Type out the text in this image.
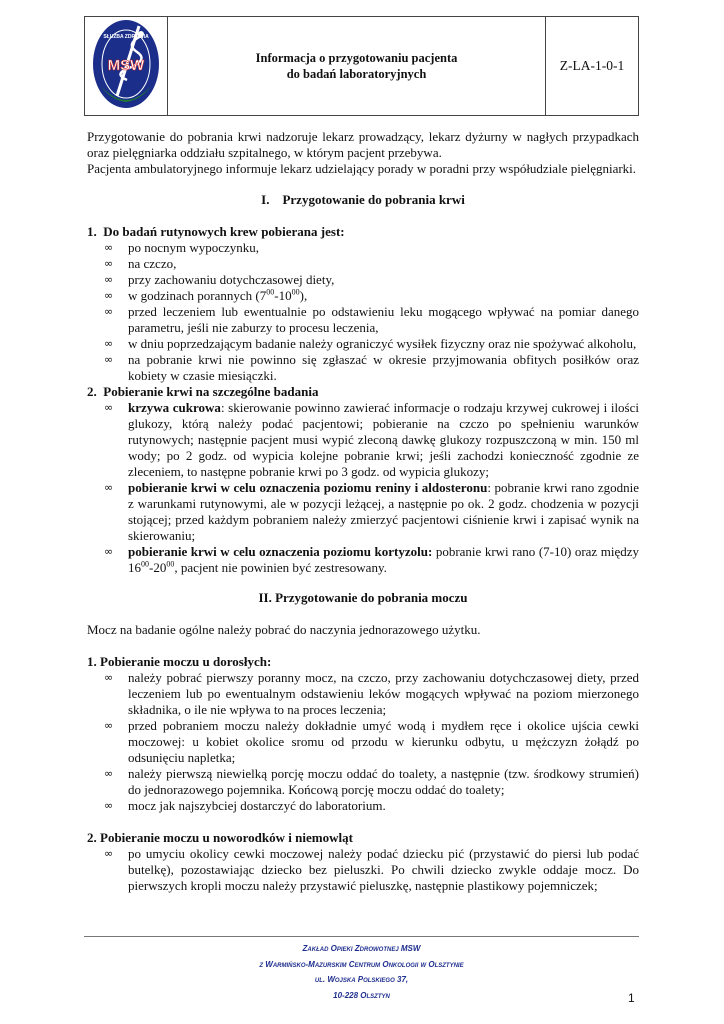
MSW
SŁUŻBA ZDROWIA

Informacja o przygotowaniu pacjenta
do badań laboratoryjnych
	Z-LA-1-0-1

Przygotowanie do pobrania krwi nadzoruje lekarz prowadzący, lekarz dyżurny w nagłych przypadkach oraz pielęgniarka oddziału szpitalnego, w którym pacjent przebywa.

Pacjenta ambulatoryjnego informuje lekarz udzielający porady w poradni przy współudziale pielęgniarki.

I.    Przygotowanie do pobrania krwi

1.  Do badań rutynowych krew pobierana jest:

∞ po nocnym wypoczynku,
∞ na czczo,
∞ przy zachowaniu dotychczasowej diety,
∞ w godzinach porannych $(7^{00}-10^{00})$,
∞ przed leczeniem lub ewentualnie po odstawieniu leku mogącego wpływać na pomiar danego parametru, jeśli nie zaburzy to procesu leczenia,
∞ w dniu poprzedzającym badanie należy ograniczyć wysiłek fizyczny oraz nie spożywać alkoholu,
∞ na pobranie krwi nie powinno się zgłaszać w okresie przyjmowania obfitych posiłków oraz kobiety w czasie miesiączki.

2.  Pobieranie krwi na szczególne badania

∞ krzywa cukrowa: skierowanie powinno zawierać informacje o rodzaju krzywej cukrowej i ilości glukozy, którą należy podać pacjentowi; pobieranie na czczo po spełnieniu warunków rutynowych; następnie pacjent musi wypić zleconą dawkę glukozy rozpuszczoną w min. 150 ml wody; po 2 godz. od wypicia kolejne pobranie krwi; jeśli zachodzi konieczność zgodnie ze zleceniem, to następne pobranie krwi po 3 godz. od wypicia glukozy;
∞ pobieranie krwi w celu oznaczenia poziomu reniny i aldosteronu: pobranie krwi rano zgodnie z warunkami rutynowymi, ale w pozycji leżącej, a następnie po ok. 2 godz. chodzenia w pozycji stojącej; przed każdym pobraniem należy zmierzyć pacjentowi ciśnienie krwi i zapisać wynik na skierowaniu;
∞ pobieranie krwi w celu oznaczenia poziomu kortyzolu: pobranie krwi rano (7-10) oraz między $16^{00}-20^{00}$, pacjent nie powinien być zestresowany.
II. Przygotowanie do pobrania moczu

Mocz na badanie ogólne należy pobrać do naczynia jednorazowego użytku.

1. Pobieranie moczu u dorosłych:

∞ należy pobrać pierwszy poranny mocz, na czczo, przy zachowaniu dotychczasowej diety, przed leczeniem lub po ewentualnym odstawieniu leków mogących wpływać na poziom mierzonego składnika, o ile nie wpływa to na proces leczenia;
∞ przed pobraniem moczu należy dokładnie umyć wodą i mydłem ręce i okolice ujścia cewki moczowej: u kobiet okolice sromu od przodu w kierunku odbytu, u mężczyzn żołądź po odsunięciu napletka;
∞ należy pierwszą niewielką porcję moczu oddać do toalety, a następnie (tzw. środkowy strumień) do jednorazowego pojemnika. Końcową porcję moczu oddać do toalety;
∞ mocz jak najszybciej dostarczyć do laboratorium.

2. Pobieranie moczu u noworodków i niemowląt

∞ po umyciu okolicy cewki moczowej należy podać dziecku pić (przystawić do piersi lub podać butelkę), pozostawiając dziecko bez pieluszki. Po chwili dziecko zwykle oddaje mocz. Do pierwszych kropli moczu należy przystawić pieluszkę, następnie plastikowy pojemniczek;
Zakład Opieki Zdrowotnej MSW
z Warmińsko-Mazurskim Centrum Onkologii w Olsztynie
ul. Wojska Polskiego 37,
10-228 Olsztyn	1
